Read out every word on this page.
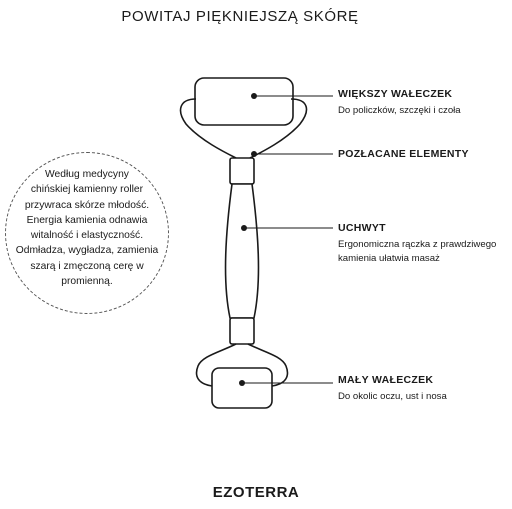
POWITAJ PIĘKNIEJSZĄ SKÓRĘ
Według medycyny
chińskiej kamienny roller
przywraca skórze młodość.
Energia kamienia odnawia
witalność i elastyczność.
Odmładza, wygładza, zamienia
szarą i zmęczoną cerę w
promienną.
WIĘKSZY WAŁECZEK
Do policzków, szczęki i czoła
POZŁACANE ELEMENTY
UCHWYT
Ergonomiczna rączka z prawdziwego
kamienia ułatwia masaż
MAŁY WAŁECZEK
Do okolic oczu, ust i nosa
EZOTERRA
